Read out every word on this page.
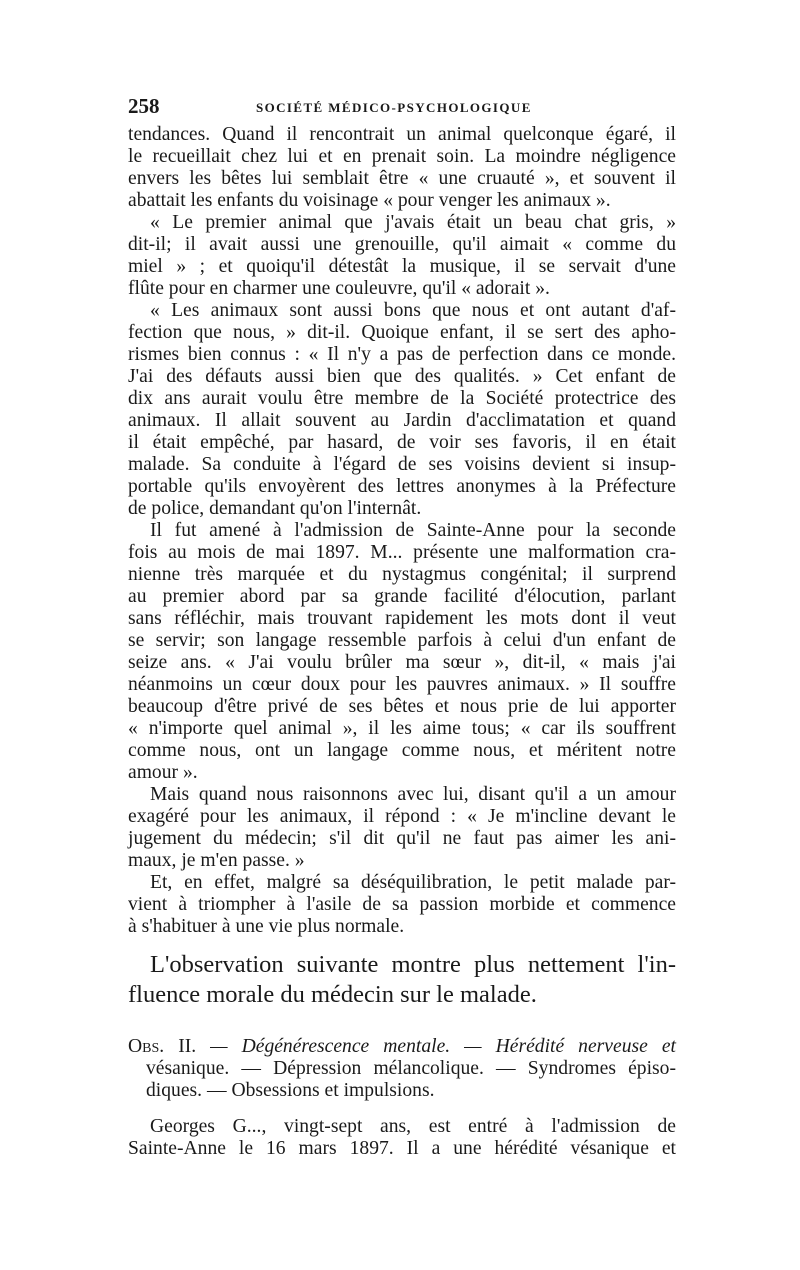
258	SOCIÉTÉ MÉDICO-PSYCHOLOGIQUE
tendances. Quand il rencontrait un animal quelconque égaré, il
le recueillait chez lui et en prenait soin. La moindre négligence
envers les bêtes lui semblait être « une cruauté », et souvent il
abattait les enfants du voisinage « pour venger les animaux ».
« Le premier animal que j'avais était un beau chat gris, »
dit-il; il avait aussi une grenouille, qu'il aimait « comme du
miel » ; et quoiqu'il détestât la musique, il se servait d'une
flûte pour en charmer une couleuvre, qu'il « adorait ».
« Les animaux sont aussi bons que nous et ont autant d'af-
fection que nous, » dit-il. Quoique enfant, il se sert des apho-
rismes bien connus : « Il n'y a pas de perfection dans ce monde.
J'ai des défauts aussi bien que des qualités. » Cet enfant de
dix ans aurait voulu être membre de la Société protectrice des
animaux. Il allait souvent au Jardin d'acclimatation et quand
il était empêché, par hasard, de voir ses favoris, il en était
malade. Sa conduite à l'égard de ses voisins devient si insup-
portable qu'ils envoyèrent des lettres anonymes à la Préfecture
de police, demandant qu'on l'internât.
Il fut amené à l'admission de Sainte-Anne pour la seconde
fois au mois de mai 1897. M... présente une malformation cra-
nienne très marquée et du nystagmus congénital; il surprend
au premier abord par sa grande facilité d'élocution, parlant
sans réfléchir, mais trouvant rapidement les mots dont il veut
se servir; son langage ressemble parfois à celui d'un enfant de
seize ans. « J'ai voulu brûler ma sœur », dit-il, « mais j'ai
néanmoins un cœur doux pour les pauvres animaux. » Il souffre
beaucoup d'être privé de ses bêtes et nous prie de lui apporter
« n'importe quel animal », il les aime tous; « car ils souffrent
comme nous, ont un langage comme nous, et méritent notre
amour ».
Mais quand nous raisonnons avec lui, disant qu'il a un amour
exagéré pour les animaux, il répond : « Je m'incline devant le
jugement du médecin; s'il dit qu'il ne faut pas aimer les ani-
maux, je m'en passe. »
Et, en effet, malgré sa déséquilibration, le petit malade par-
vient à triompher à l'asile de sa passion morbide et commence
à s'habituer à une vie plus normale.
L'observation suivante montre plus nettement l'in-
fluence morale du médecin sur le malade.
Obs. II. — Dégénérescence mentale. — Hérédité nerveuse et
vésanique. — Dépression mélancolique. — Syndromes épiso-
diques. — Obsessions et impulsions.
Georges G..., vingt-sept ans, est entré à l'admission de
Sainte-Anne le 16 mars 1897. Il a une hérédité vésanique et
